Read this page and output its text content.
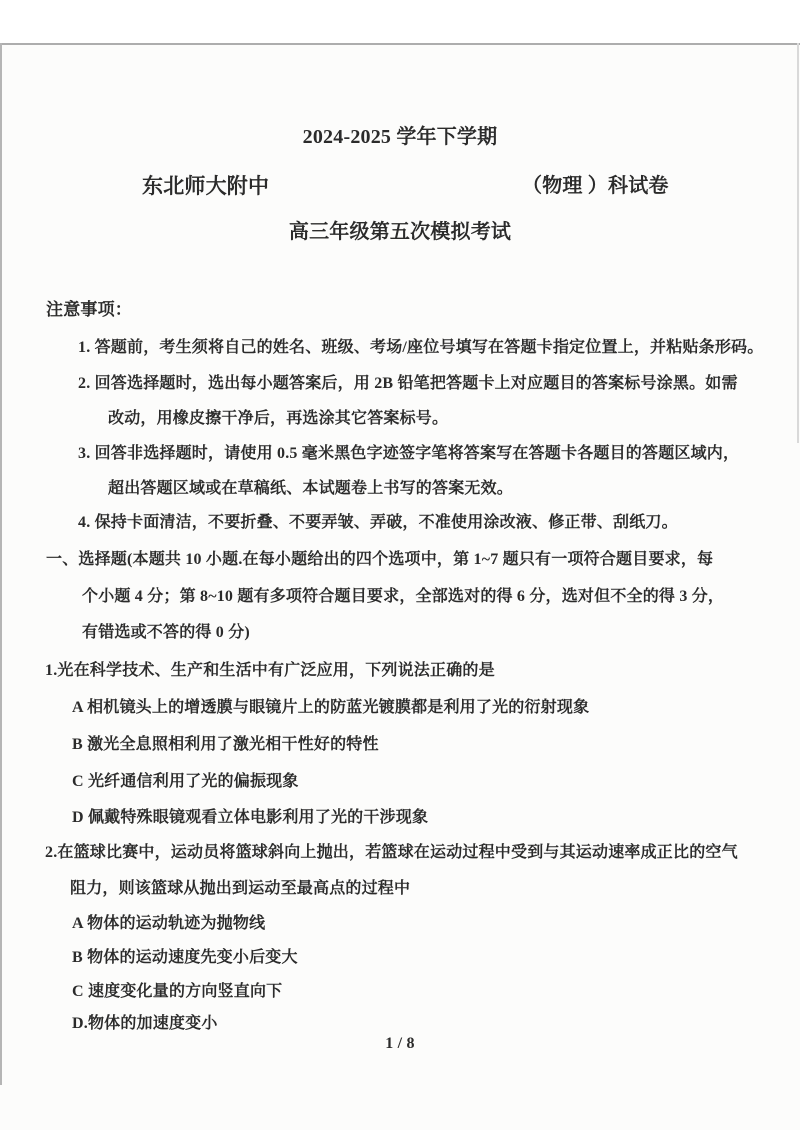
2024-2025 学年下学期
东北师大附中	（物理 ）科试卷
高三年级第五次模拟考试
注意事项：
1. 答题前，考生须将自己的姓名、班级、考场/座位号填写在答题卡指定位置上，并粘贴条形码。
2. 回答选择题时，选出每小题答案后，用 2B 铅笔把答题卡上对应题目的答案标号涂黑。如需
改动，用橡皮擦干净后，再选涂其它答案标号。
3. 回答非选择题时，请使用 0.5 毫米黑色字迹签字笔将答案写在答题卡各题目的答题区域内，
超出答题区域或在草稿纸、本试题卷上书写的答案无效。
4. 保持卡面清洁，不要折叠、不要弄皱、弄破，不准使用涂改液、修正带、刮纸刀。
一、选择题(本题共 10 小题.在每小题给出的四个选项中，第 1~7 题只有一项符合题目要求，每
个小题 4 分；第 8~10 题有多项符合题目要求，全部选对的得 6 分，选对但不全的得 3 分，
有错选或不答的得 0 分)
1.光在科学技术、生产和生活中有广泛应用，下列说法正确的是
A 相机镜头上的增透膜与眼镜片上的防蓝光镀膜都是利用了光的衍射现象
B 激光全息照相利用了激光相干性好的特性
C 光纤通信利用了光的偏振现象
D 佩戴特殊眼镜观看立体电影利用了光的干涉现象
2.在篮球比赛中，运动员将篮球斜向上抛出，若篮球在运动过程中受到与其运动速率成正比的空气
阻力，则该篮球从抛出到运动至最高点的过程中
A 物体的运动轨迹为抛物线
B 物体的运动速度先变小后变大
C 速度变化量的方向竖直向下
D.物体的加速度变小
1 / 8
